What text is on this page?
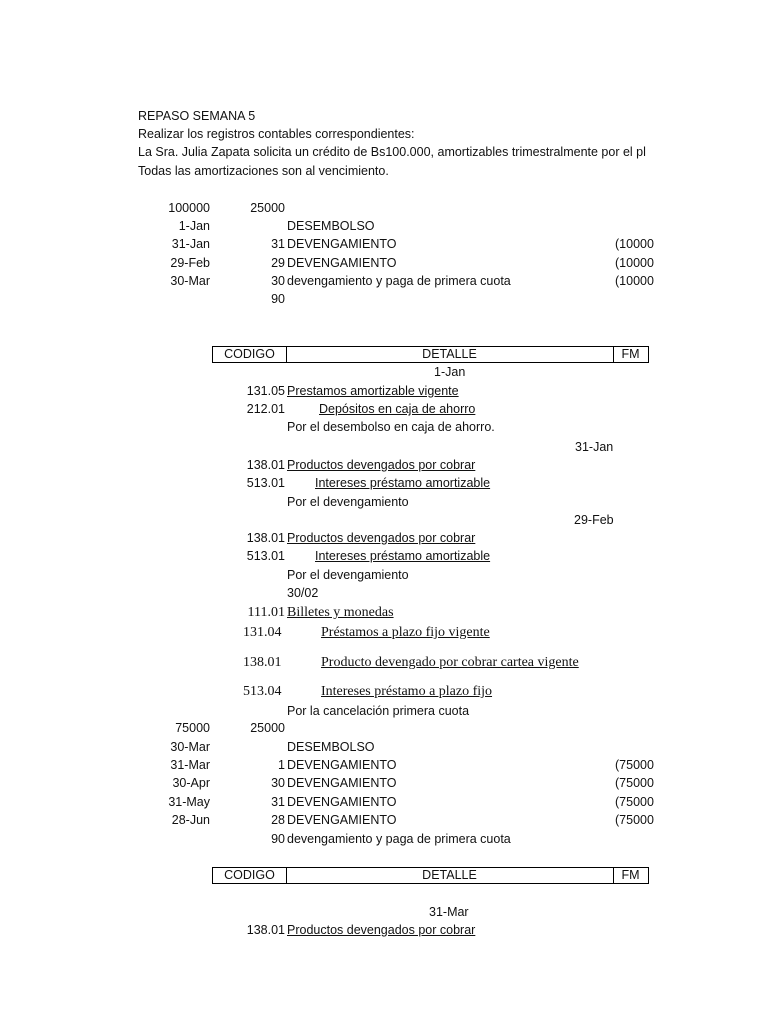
REPASO SEMANA 5
Realizar los registros contables correspondientes:
La Sra. Julia Zapata solicita un crédito de Bs100.000, amortizables trimestralmente por el pl
Todas las amortizaciones son al vencimiento.
100000	25000
1-Jan	DESEMBOLSO
31-Jan	31 DEVENGAMIENTO	(10000
29-Feb	29 DEVENGAMIENTO	(10000
30-Mar	30 devengamiento y paga de primera cuota	(10000
90
CODIGO	DETALLE	FM
1-Jan
131.05 Prestamos amortizable vigente
212.01	Depósitos en caja de ahorro
Por el desembolso en caja de ahorro.
31-Jan
138.01 Productos devengados por cobrar
513.01	Intereses préstamo amortizable
Por el devengamiento
29-Feb
138.01 Productos devengados por cobrar
513.01	Intereses préstamo amortizable
Por el devengamiento
30/02
111.01 Billetes y monedas
131.04	Préstamos a plazo fijo vigente
138.01	Producto devengado por cobrar cartea vigente
513.04	Intereses préstamo a plazo fijo
Por la cancelación primera cuota
75000	25000
30-Mar	DESEMBOLSO
31-Mar	1 DEVENGAMIENTO	(75000
30-Apr	30 DEVENGAMIENTO	(75000
31-May	31 DEVENGAMIENTO	(75000
28-Jun	28 DEVENGAMIENTO	(75000
90 devengamiento y paga de primera cuota
CODIGO	DETALLE	FM
31-Mar
138.01 Productos devengados por cobrar
